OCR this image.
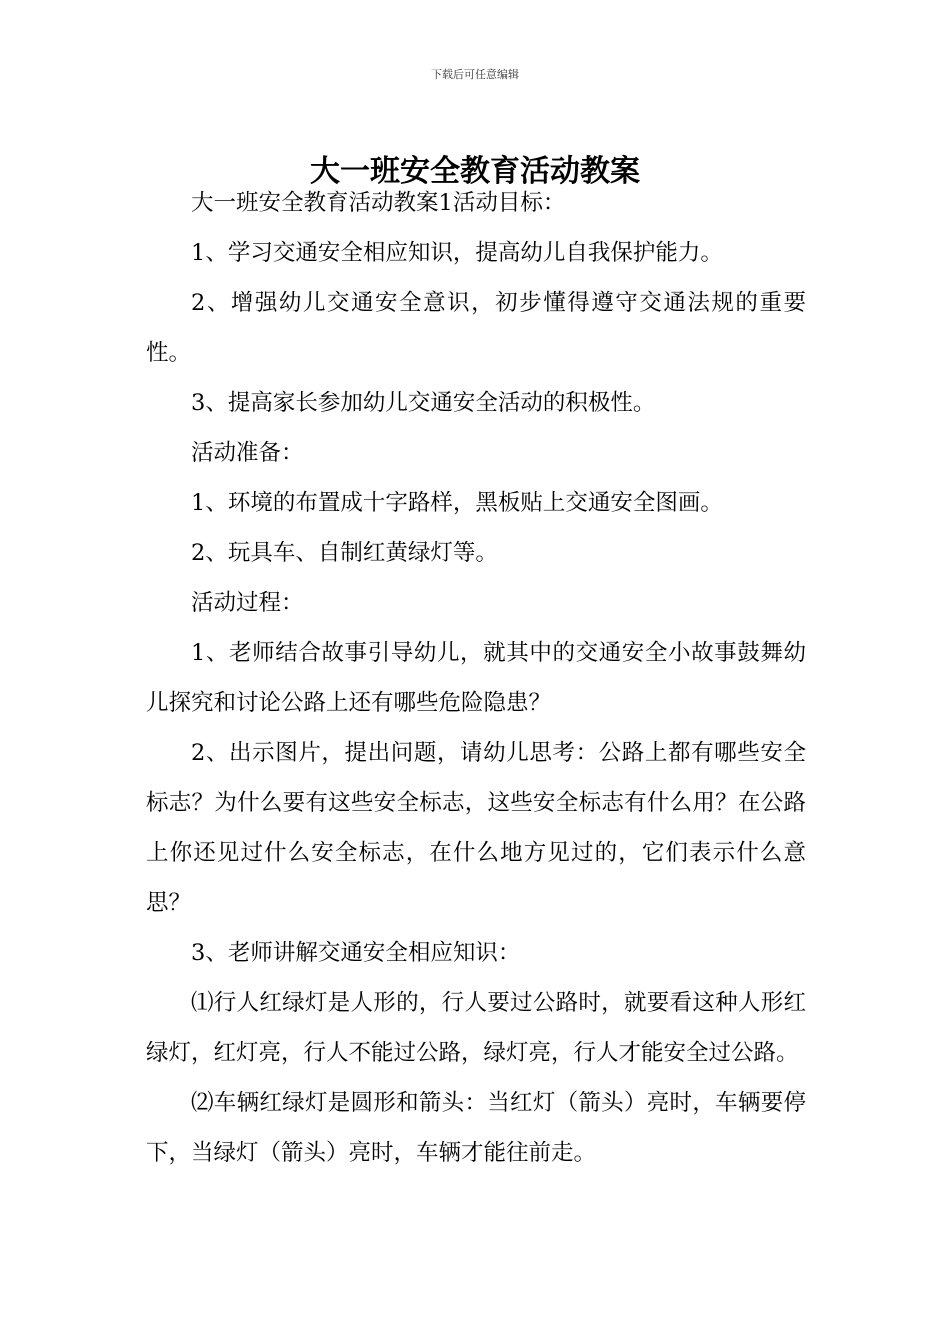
下载后可任意编辑
大一班安全教育活动教案

大一班安全教育活动教案1活动目标：

1、学习交通安全相应知识，提高幼儿自我保护能力。

2、增强幼儿交通安全意识，初步懂得遵守交通法规的重要性。

3、提高家长参加幼儿交通安全活动的积极性。

活动准备：

1、环境的布置成十字路样，黑板贴上交通安全图画。

2、玩具车、自制红黄绿灯等。

活动过程：

1、老师结合故事引导幼儿，就其中的交通安全小故事鼓舞幼儿探究和讨论公路上还有哪些危险隐患？

2、出示图片，提出问题，请幼儿思考：公路上都有哪些安全标志？为什么要有这些安全标志，这些安全标志有什么用？在公路上你还见过什么安全标志，在什么地方见过的，它们表示什么意思？

3、老师讲解交通安全相应知识：

⑴行人红绿灯是人形的，行人要过公路时，就要看这种人形红绿灯，红灯亮，行人不能过公路，绿灯亮，行人才能安全过公路。

⑵车辆红绿灯是圆形和箭头：当红灯（箭头）亮时，车辆要停下，当绿灯（箭头）亮时，车辆才能往前走。
